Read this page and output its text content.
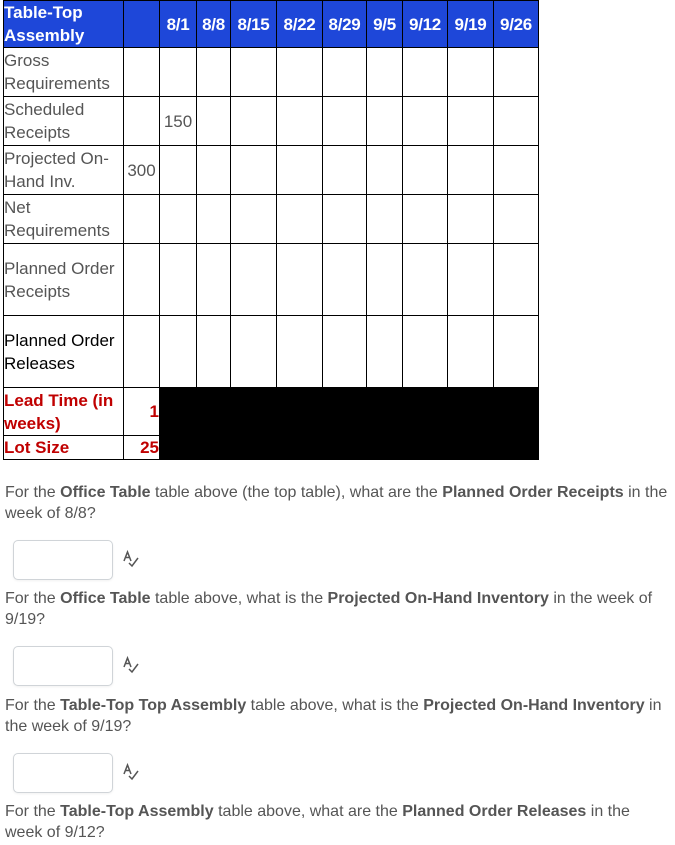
Table-Top Assembly		8/1	8/8	8/15	8/22	8/29	9/5	9/12	9/19	9/26
Gross Requirements										
Scheduled Receipts		150								
Projected On-Hand Inv.	300									
Net Requirements										
Planned Order Receipts										
Planned Order Releases										
Lead Time (in weeks)	1									
Lot Size	25									
For the Office Table table above (the top table), what are the Planned Order Receipts in the week of 8/8?
For the Office Table table above, what is the Projected On-Hand Inventory in the week of 9/19?
For the Table-Top Top Assembly table above, what is the Projected On-Hand Inventory in the week of 9/19?
For the Table-Top Assembly table above, what are the Planned Order Releases in the week of 9/12?
